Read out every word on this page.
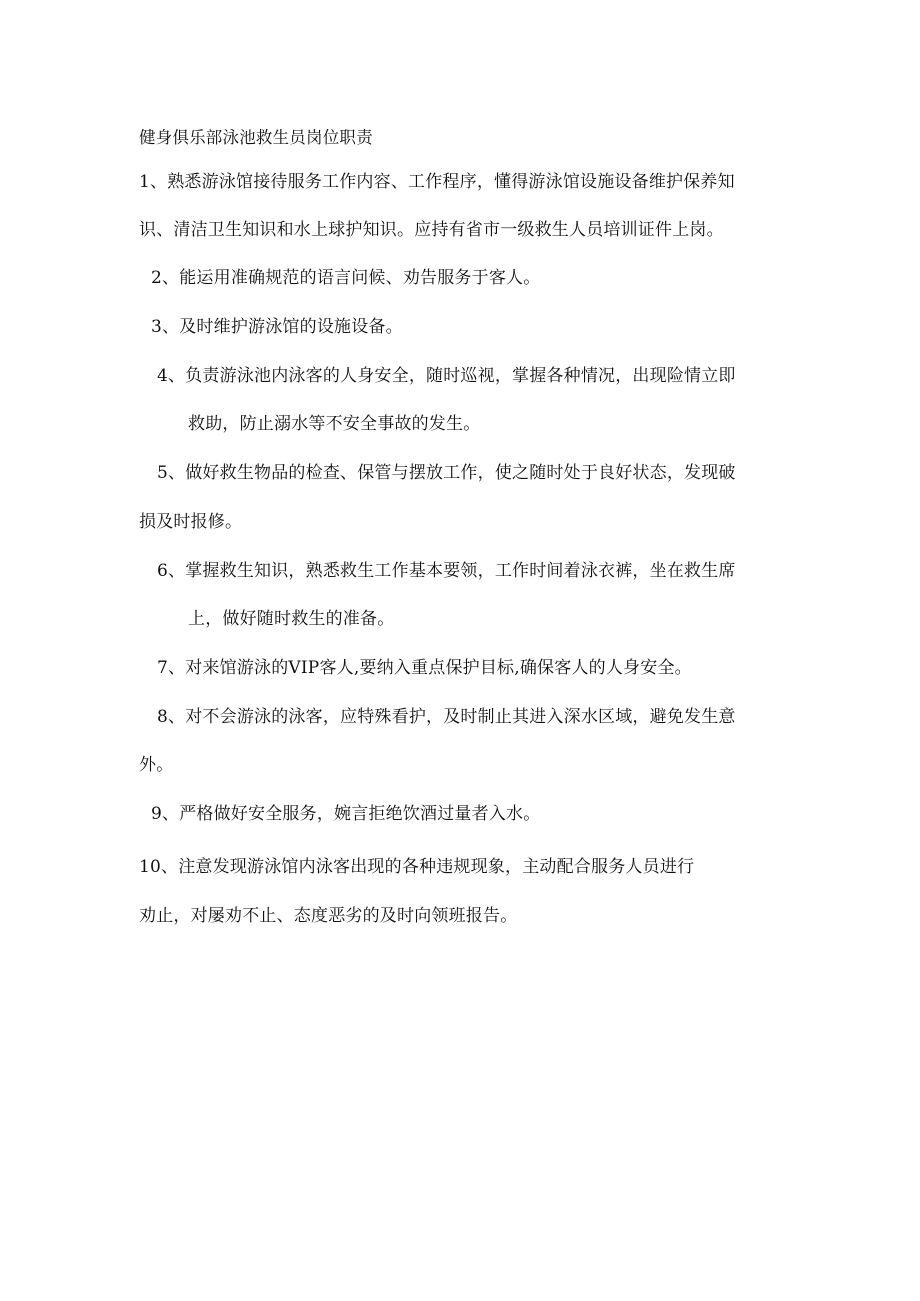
健身俱乐部泳池救生员岗位职责
1、熟悉游泳馆接待服务工作内容、工作程序，懂得游泳馆设施设备维护保养知
识、清洁卫生知识和水上球护知识。应持有省市一级救生人员培训证件上岗。
2、能运用准确规范的语言问候、劝告服务于客人。
3、及时维护游泳馆的设施设备。
4、负责游泳池内泳客的人身安全，随时巡视，掌握各种情况，出现险情立即
救助，防止溺水等不安全事故的发生。
5、做好救生物品的检查、保管与摆放工作，使之随时处于良好状态，发现破
损及时报修。
6、掌握救生知识，熟悉救生工作基本要领，工作时间着泳衣裤，坐在救生席
上，做好随时救生的准备。
7、对来馆游泳的VIP客人,要纳入重点保护目标,确保客人的人身安全。
8、对不会游泳的泳客，应特殊看护，及时制止其进入深水区域，避免发生意
外。
9、严格做好安全服务，婉言拒绝饮酒过量者入水。
10、注意发现游泳馆内泳客出现的各种违规现象，主动配合服务人员进行
劝止，对屡劝不止、态度恶劣的及时向领班报告。
